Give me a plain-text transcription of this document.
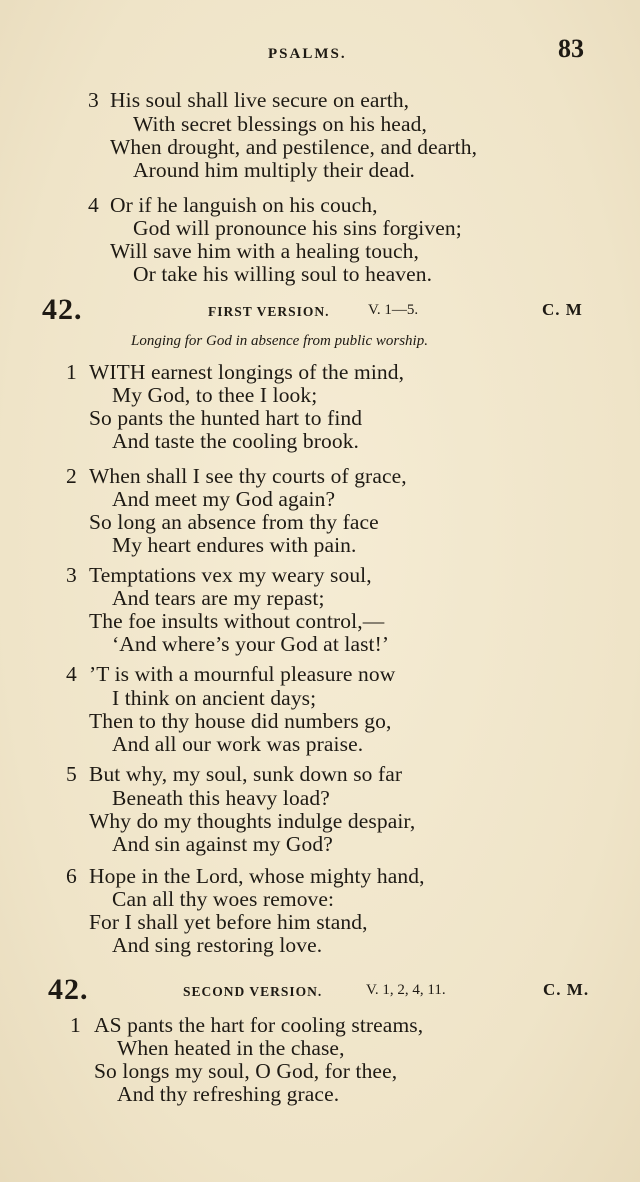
PSALMS.	83
3 His soul shall live secure on earth,
With secret blessings on his head,
When drought, and pestilence, and dearth,
Around him multiply their dead.
4 Or if he languish on his couch,
God will pronounce his sins forgiven;
Will save him with a healing touch,
Or take his willing soul to heaven.
42.	FIRST VERSION.	V. 1—5.	C. M
Longing for God in absence from public worship.
1 WITH earnest longings of the mind,
My God, to thee I look;
So pants the hunted hart to find
And taste the cooling brook.
2 When shall I see thy courts of grace,
And meet my God again?
So long an absence from thy face
My heart endures with pain.
3 Temptations vex my weary soul,
And tears are my repast;
The foe insults without control,—
‘And where’s your God at last!’
4 ’T is with a mournful pleasure now
I think on ancient days;
Then to thy house did numbers go,
And all our work was praise.
5 But why, my soul, sunk down so far
Beneath this heavy load?
Why do my thoughts indulge despair,
And sin against my God?
6 Hope in the Lord, whose mighty hand,
Can all thy woes remove:
For I shall yet before him stand,
And sing restoring love.
42.	SECOND VERSION.	V. 1, 2, 4, 11.	C. M.
1 AS pants the hart for cooling streams,
When heated in the chase,
So longs my soul, O God, for thee,
And thy refreshing grace.
